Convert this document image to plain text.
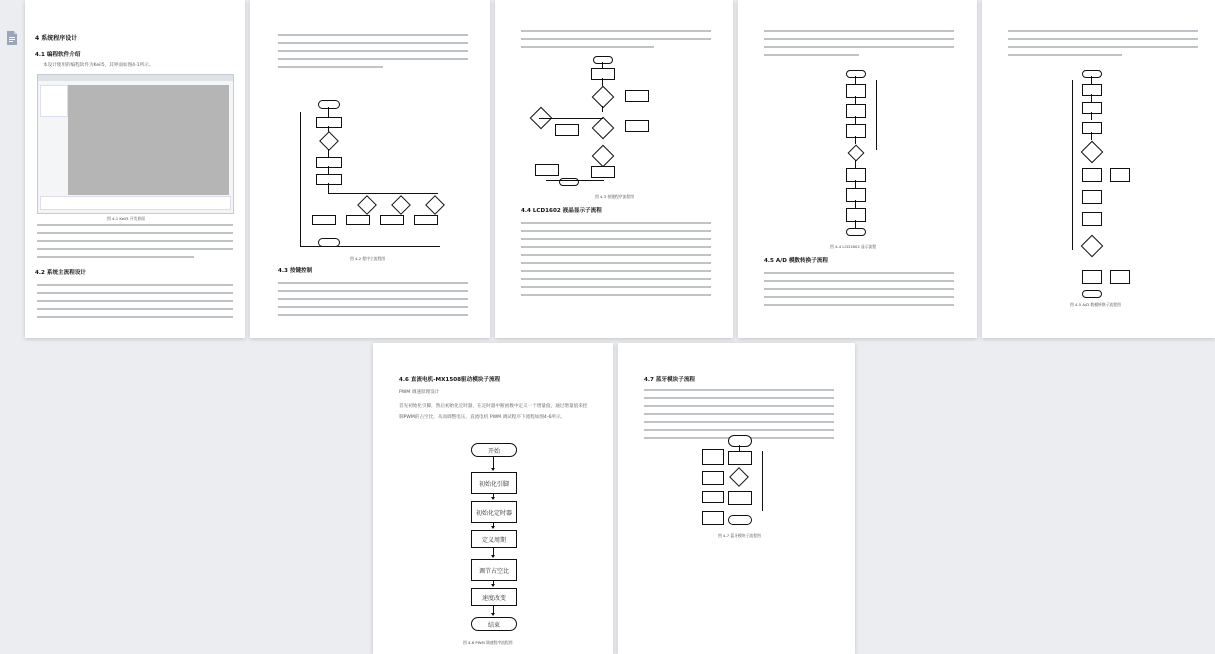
4 系统程序设计
4.1 编程软件介绍
本设计使用的编程软件为Keil5，其界面如图4-1所示。
图 4-1 Keil5 开发界面
4.2 系统主流程设计
图 4-2 程序主流程图
4.3 按键控制
图 4-3 按键程序流程图
4.4 LCD1602 液晶显示子流程
图 4-4 LCD1602 显示流程
4.5 A/D 模数转换子流程
图 4-5 A/D 数模转换子流程图
4.6 直流电机-MX1508驱动模块子流程
PWM 调速原理设计
首先初始化引脚，然后初始化定时器，在定时器中断函数中定义一个增量值，通过增量值来控制PWM的占空比，从而调整电压，直流电机 PWM 调试程序下流程如图4-6所示。
图 4-6 PWM 调速程序流程图
开始
初始化引脚
初始化定时器
定义周期
调节占空比
速度改变
结束
4.7 蓝牙模块子流程
图 4-7 蓝牙模块子流程图
